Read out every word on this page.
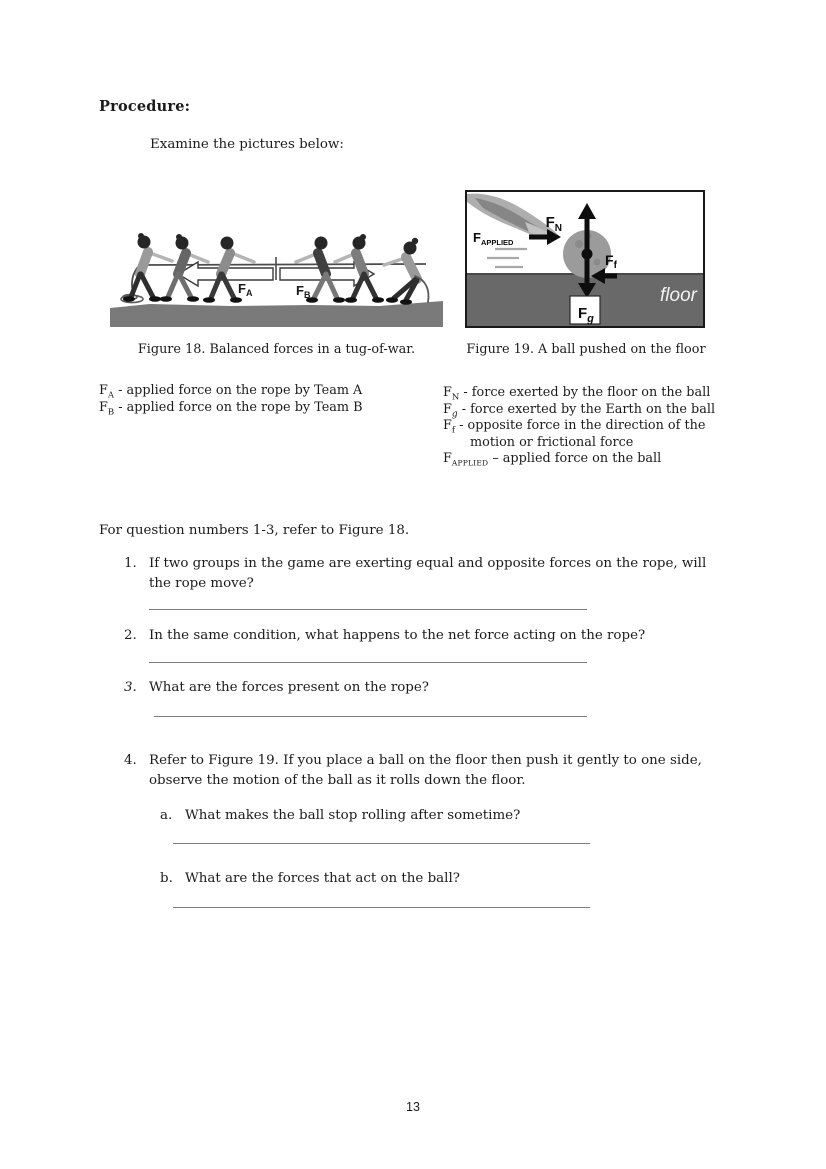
Procedure:
Examine the pictures below:
$F_A$	$F_B$	floor
$F_N$
$F_{APPLIED}$
$F_f$
$F_g$
Figure 18. Balanced forces in a tug-of-war.	Figure 19. A ball pushed on the floor
$F_A$ - applied force on the rope by Team A
$F_B$ - applied force on the rope by Team B
$F_N$ - force exerted by the floor on the ball
$F_g$ - force exerted by the Earth on the ball
$F_f$ - opposite force in the direction of the
motion or frictional force
$F_{APPLIED}$ – applied force on the ball
For question numbers 1-3, refer to Figure 18.
1. If two groups in the game are exerting equal and opposite forces on the rope, will the rope move?
2. In the same condition, what happens to the net force acting on the rope?
3. What are the forces present on the rope?
4. Refer to Figure 19. If you place a ball on the floor then push it gently to one side, observe the motion of the ball as it rolls down the floor.
a. What makes the ball stop rolling after sometime?
b. What are the forces that act on the ball?
13
